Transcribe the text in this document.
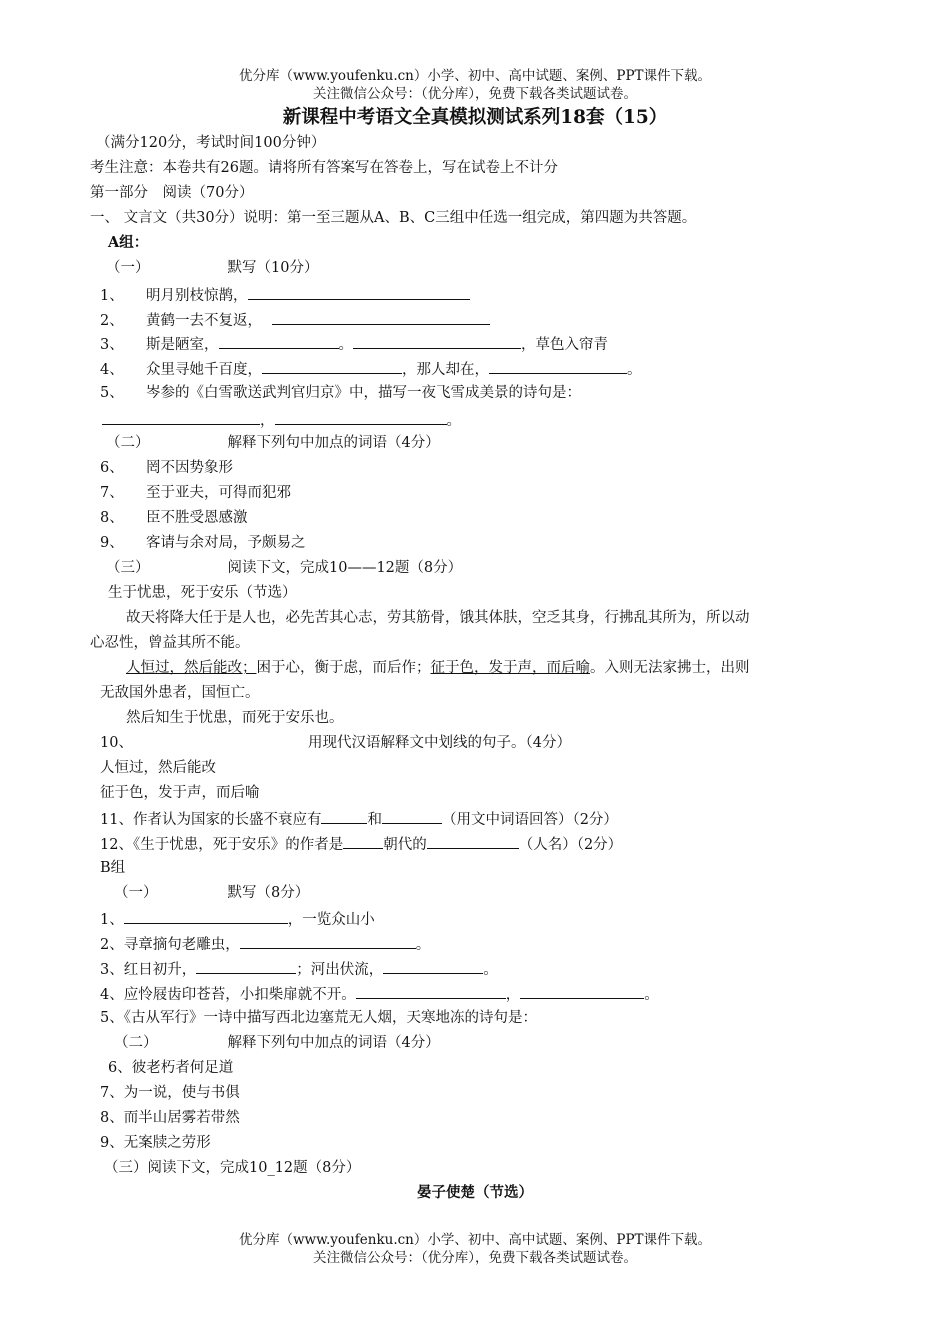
优分库（www.youfenku.cn）小学、初中、高中试题、案例、PPT课件下载。
关注微信公众号：（优分库），免费下载各类试题试卷。
新课程中考语文全真模拟测试系列18套（15）
（满分120分，考试时间100分钟）
考生注意：本卷共有26题。请将所有答案写在答卷上，写在试卷上不计分
第一部分　阅读（70分）
一、 文言文（共30分）说明：第一至三题从A、B、C三组中任选一组完成，第四题为共答题。
A组：
（一）	默写（10分）
1、 明月别枝惊鹊，
2、 黄鹤一去不复返，
3、 斯是陋室，	。	，草色入帘青
4、 众里寻她千百度，	，那人却在，	。
5、 岑参的《白雪歌送武判官归京》中，描写一夜飞雪成美景的诗句是：
，	。
（二）	解释下列句中加点的词语（4分）
6、 罔不因势象形
7、 至于亚夫，可得而犯邪
8、 臣不胜受恩感激
9、 客请与余对局，予颇易之
（三）	阅读下文，完成10——12题（8分）
生于忧患，死于安乐（节选）
故天将降大任于是人也，必先苦其心志，劳其筋骨，饿其体肤，空乏其身，行拂乱其所为，所以动
心忍性，曾益其所不能。
人恒过，然后能改；困于心，衡于虑，而后作；征于色，发于声，而后喻。入则无法家拂士，出则
无敌国外患者，国恒亡。
然后知生于忧患，而死于安乐也。
10、	用现代汉语解释文中划线的句子。（4分）
人恒过，然后能改
征于色，发于声，而后喻
11、作者认为国家的长盛不衰应有	和	（用文中词语回答）（2分）
12、《生于忧患，死于安乐》的作者是	朝代的	（人名）（2分）
B组
（一）	默写（8分）
1、	，一览众山小
2、寻章摘句老雕虫，	。
3、红日初升，	；河出伏流，	。
4、应怜屐齿印苍苔，小扣柴扉就不开。	，	。
5、《古从军行》一诗中描写西北边塞荒无人烟，天寒地冻的诗句是：
（二）	解释下列句中加点的词语（4分）
6、彼老朽者何足道
7、为一说，使与书俱
8、而半山居雾若带然
9、无案牍之劳形
（三）阅读下文，完成10_12题（8分）
晏子使楚（节选）
优分库（www.youfenku.cn）小学、初中、高中试题、案例、PPT课件下载。
关注微信公众号：（优分库），免费下载各类试题试卷。
